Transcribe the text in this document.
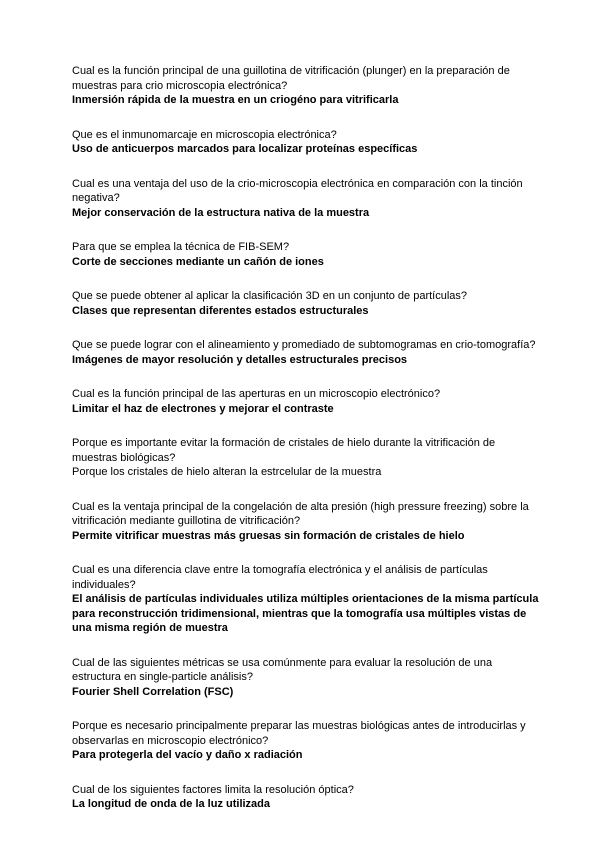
Cual es la función principal de una guillotina de vitrificación (plunger) en la preparación de muestras para crio microscopia electrónica?

Inmersión rápida de la muestra en un criogéno para vitrificarla

Que es el inmunomarcaje en microscopia electrónica?

Uso de anticuerpos marcados para localizar proteínas específicas

Cual es una ventaja del uso de la crio-microscopia electrónica en comparación con la tinción negativa?

Mejor conservación de la estructura nativa de la muestra

Para que se emplea la técnica de FIB-SEM?

Corte de secciones mediante un cañón de iones

Que se puede obtener al aplicar la clasificación 3D en un conjunto de partículas?

Clases que representan diferentes estados estructurales

Que se puede lograr con el alineamiento y promediado de subtomogramas en crio-tomografía?

Imágenes de mayor resolución y detalles estructurales precisos

Cual es la función principal de las aperturas en un microscopio electrónico?

Limitar el haz de electrones y mejorar el contraste

Porque es importante evitar la formación de cristales de hielo durante la vitrificación de muestras biológicas?

Porque los cristales de hielo alteran la estrcelular de la muestra

Cual es la ventaja principal de la congelación de alta presión (high pressure freezing) sobre la vitrificación mediante guillotina de vitrificación?

Permite vitrificar muestras más gruesas sin formación de cristales de hielo

Cual es una diferencia clave entre la tomografía electrónica y el análisis de partículas individuales?

El análisis de partículas individuales utiliza múltiples orientaciones de la misma partícula para reconstrucción tridimensional, mientras que la tomografía usa múltiples vistas de una misma región de muestra

Cual de las siguientes métricas se usa comúnmente para evaluar la resolución de una estructura en single-particle análisis?

Fourier Shell Correlation (FSC)

Porque es necesario principalmente preparar las muestras biológicas antes de introducirlas y observarlas en microscopio electrónico?

Para protegerla del vacío y daño x radiación

Cual de los siguientes factores limita la resolución óptica?

La longitud de onda de la luz utilizada
